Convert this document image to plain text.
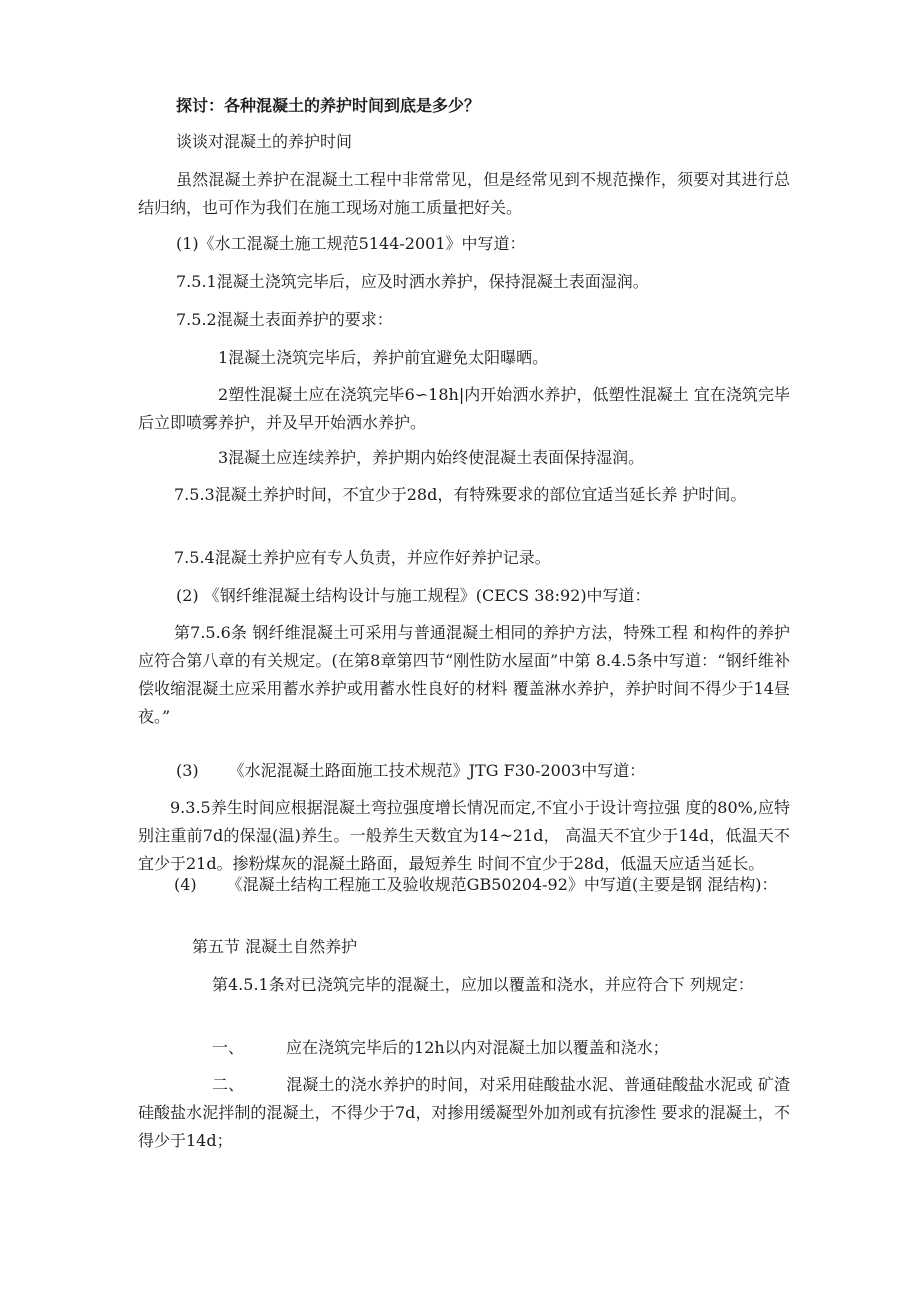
探讨：各种混凝土的养护时间到底是多少？

谈谈对混凝土的养护时间

虽然混凝土养护在混凝土工程中非常常见，但是经常见到不规范操作，须要对其进行总结归纳，也可作为我们在施工现场对施工质量把好关。

(1)《水工混凝土施工规范5144-2001》中写道：

7.5.1混凝土浇筑完毕后，应及时洒水养护，保持混凝土表面湿润。

7.5.2混凝土表面养护的要求：

1混凝土浇筑完毕后，养护前宜避免太阳曝晒。

2塑性混凝土应在浇筑完毕6∽18h|内开始洒水养护，低塑性混凝土 宜在浇筑完毕后立即喷雾养护，并及早开始洒水养护。

3混凝土应连续养护，养护期内始终使混凝土表面保持湿润。

7.5.3混凝土养护时间，不宜少于28d，有特殊要求的部位宜适当延长养 护时间。

7.5.4混凝土养护应有专人负责，并应作好养护记录。

(2) 《钢纤维混凝土结构设计与施工规程》(CECS 38:92)中写道：

第7.5.6条 钢纤维混凝土可采用与普通混凝土相同的养护方法，特殊工程 和构件的养护应符合第八章的有关规定。(在第8章第四节“刚性防水屋面”中第 8.4.5条中写道：“钢纤维补偿收缩混凝土应采用蓄水养护或用蓄水性良好的材料 覆盖淋水养护，养护时间不得少于14昼夜。”

(3) 《水泥混凝土路面施工技术规范》JTG F30-2003中写道：

9.3.5养生时间应根据混凝土弯拉强度增长情况而定,不宜小于设计弯拉强 度的80%,应特别注重前7d的保湿(温)养生。一般养生天数宜为14~21d， 高温天不宜少于14d，低温天不宜少于21d。掺粉煤灰的混凝土路面，最短养生 时间不宜少于28d，低温天应适当延长。

(4) 《混凝土结构工程施工及验收规范GB50204-92》中写道(主要是钢 混结构)：

第五节 混凝土自然养护

第4.5.1条对已浇筑完毕的混凝土，应加以覆盖和浇水，并应符合下 列规定：

一、	应在浇筑完毕后的12h以内对混凝土加以覆盖和浇水；

二、	混凝土的浇水养护的时间，对采用硅酸盐水泥、普通硅酸盐水泥或 矿渣硅酸盐水泥拌制的混凝土，不得少于7d，对掺用缓凝型外加剂或有抗渗性 要求的混凝土，不得少于14d；
